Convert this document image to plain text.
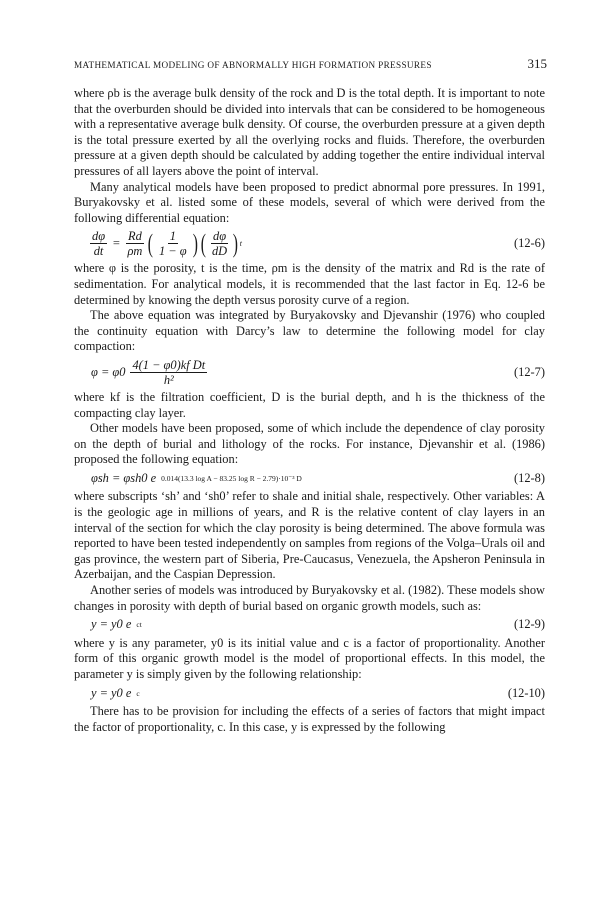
MATHEMATICAL MODELING OF ABNORMALLY HIGH FORMATION PRESSURES	315

where ρb is the average bulk density of the rock and D is the total depth. It is important to note that the overburden should be divided into intervals that can be considered to be homogeneous with a representative average bulk density. Of course, the overburden pressure at a given depth is the total pressure exerted by all the overlying rocks and fluids. Therefore, the overburden pressure at a given depth should be calculated by adding together the entire individual interval pressures of all layers above the point of interval.

Many analytical models have been proposed to predict abnormal pore pressures. In 1991, Buryakovsky et al. listed some of these models, several of which were derived from the following differential equation:

$\frac{d\varphi}{dt} = \frac{Rd}{\rho m}$ ( $\frac{1}{1 - \varphi}$ ) ( $\frac{d\varphi}{dD}$ ) t	(12-6)

where φ is the porosity, t is the time, ρm is the density of the matrix and Rd is the rate of sedimentation. For analytical models, it is recommended that the last factor in Eq. 12-6 be determined by knowing the depth versus porosity curve of a region.

The above equation was integrated by Buryakovsky and Djevanshir (1976) who coupled the continuity equation with Darcy’s law to determine the following model for clay compaction:

$\varphi = \varphi 0 \frac{\text{4(1 − φ0)kf Dt}}{\text{h²}}$	(12-7)

where kf is the filtration coefficient, D is the burial depth, and h is the thickness of the compacting clay layer.

Other models have been proposed, some of which include the dependence of clay porosity on the depth of burial and lithology of the rocks. For instance, Djevanshir et al. (1986) proposed the following equation:

φsh = φsh0 e 0.014(13.3 log A − 83.25 log R − 2.79)·10⁻³ D	(12-8)

where subscripts ‘sh’ and ‘sh0’ refer to shale and initial shale, respectively. Other variables: A is the geologic age in millions of years, and R is the relative content of clay layers in an interval of the section for which the clay porosity is being determined. The above formula was reported to have been tested independently on samples from regions of the Volga–Urals oil and gas province, the western part of Siberia, Pre-Caucasus, Venezuela, the Apsheron Peninsula in Azerbaijan, and the Caspian Depression.

Another series of models was introduced by Buryakovsky et al. (1982). These models show changes in porosity with depth of burial based on organic growth models, such as:

y = y0 e ct	(12-9)

where y is any parameter, y0 is its initial value and c is a factor of proportionality. Another form of this organic growth model is the model of proportional effects. In this model, the parameter y is simply given by the following relationship:

y = y0 e c	(12-10)

There has to be provision for including the effects of a series of factors that might impact the factor of proportionality, c. In this case, y is expressed by the following
